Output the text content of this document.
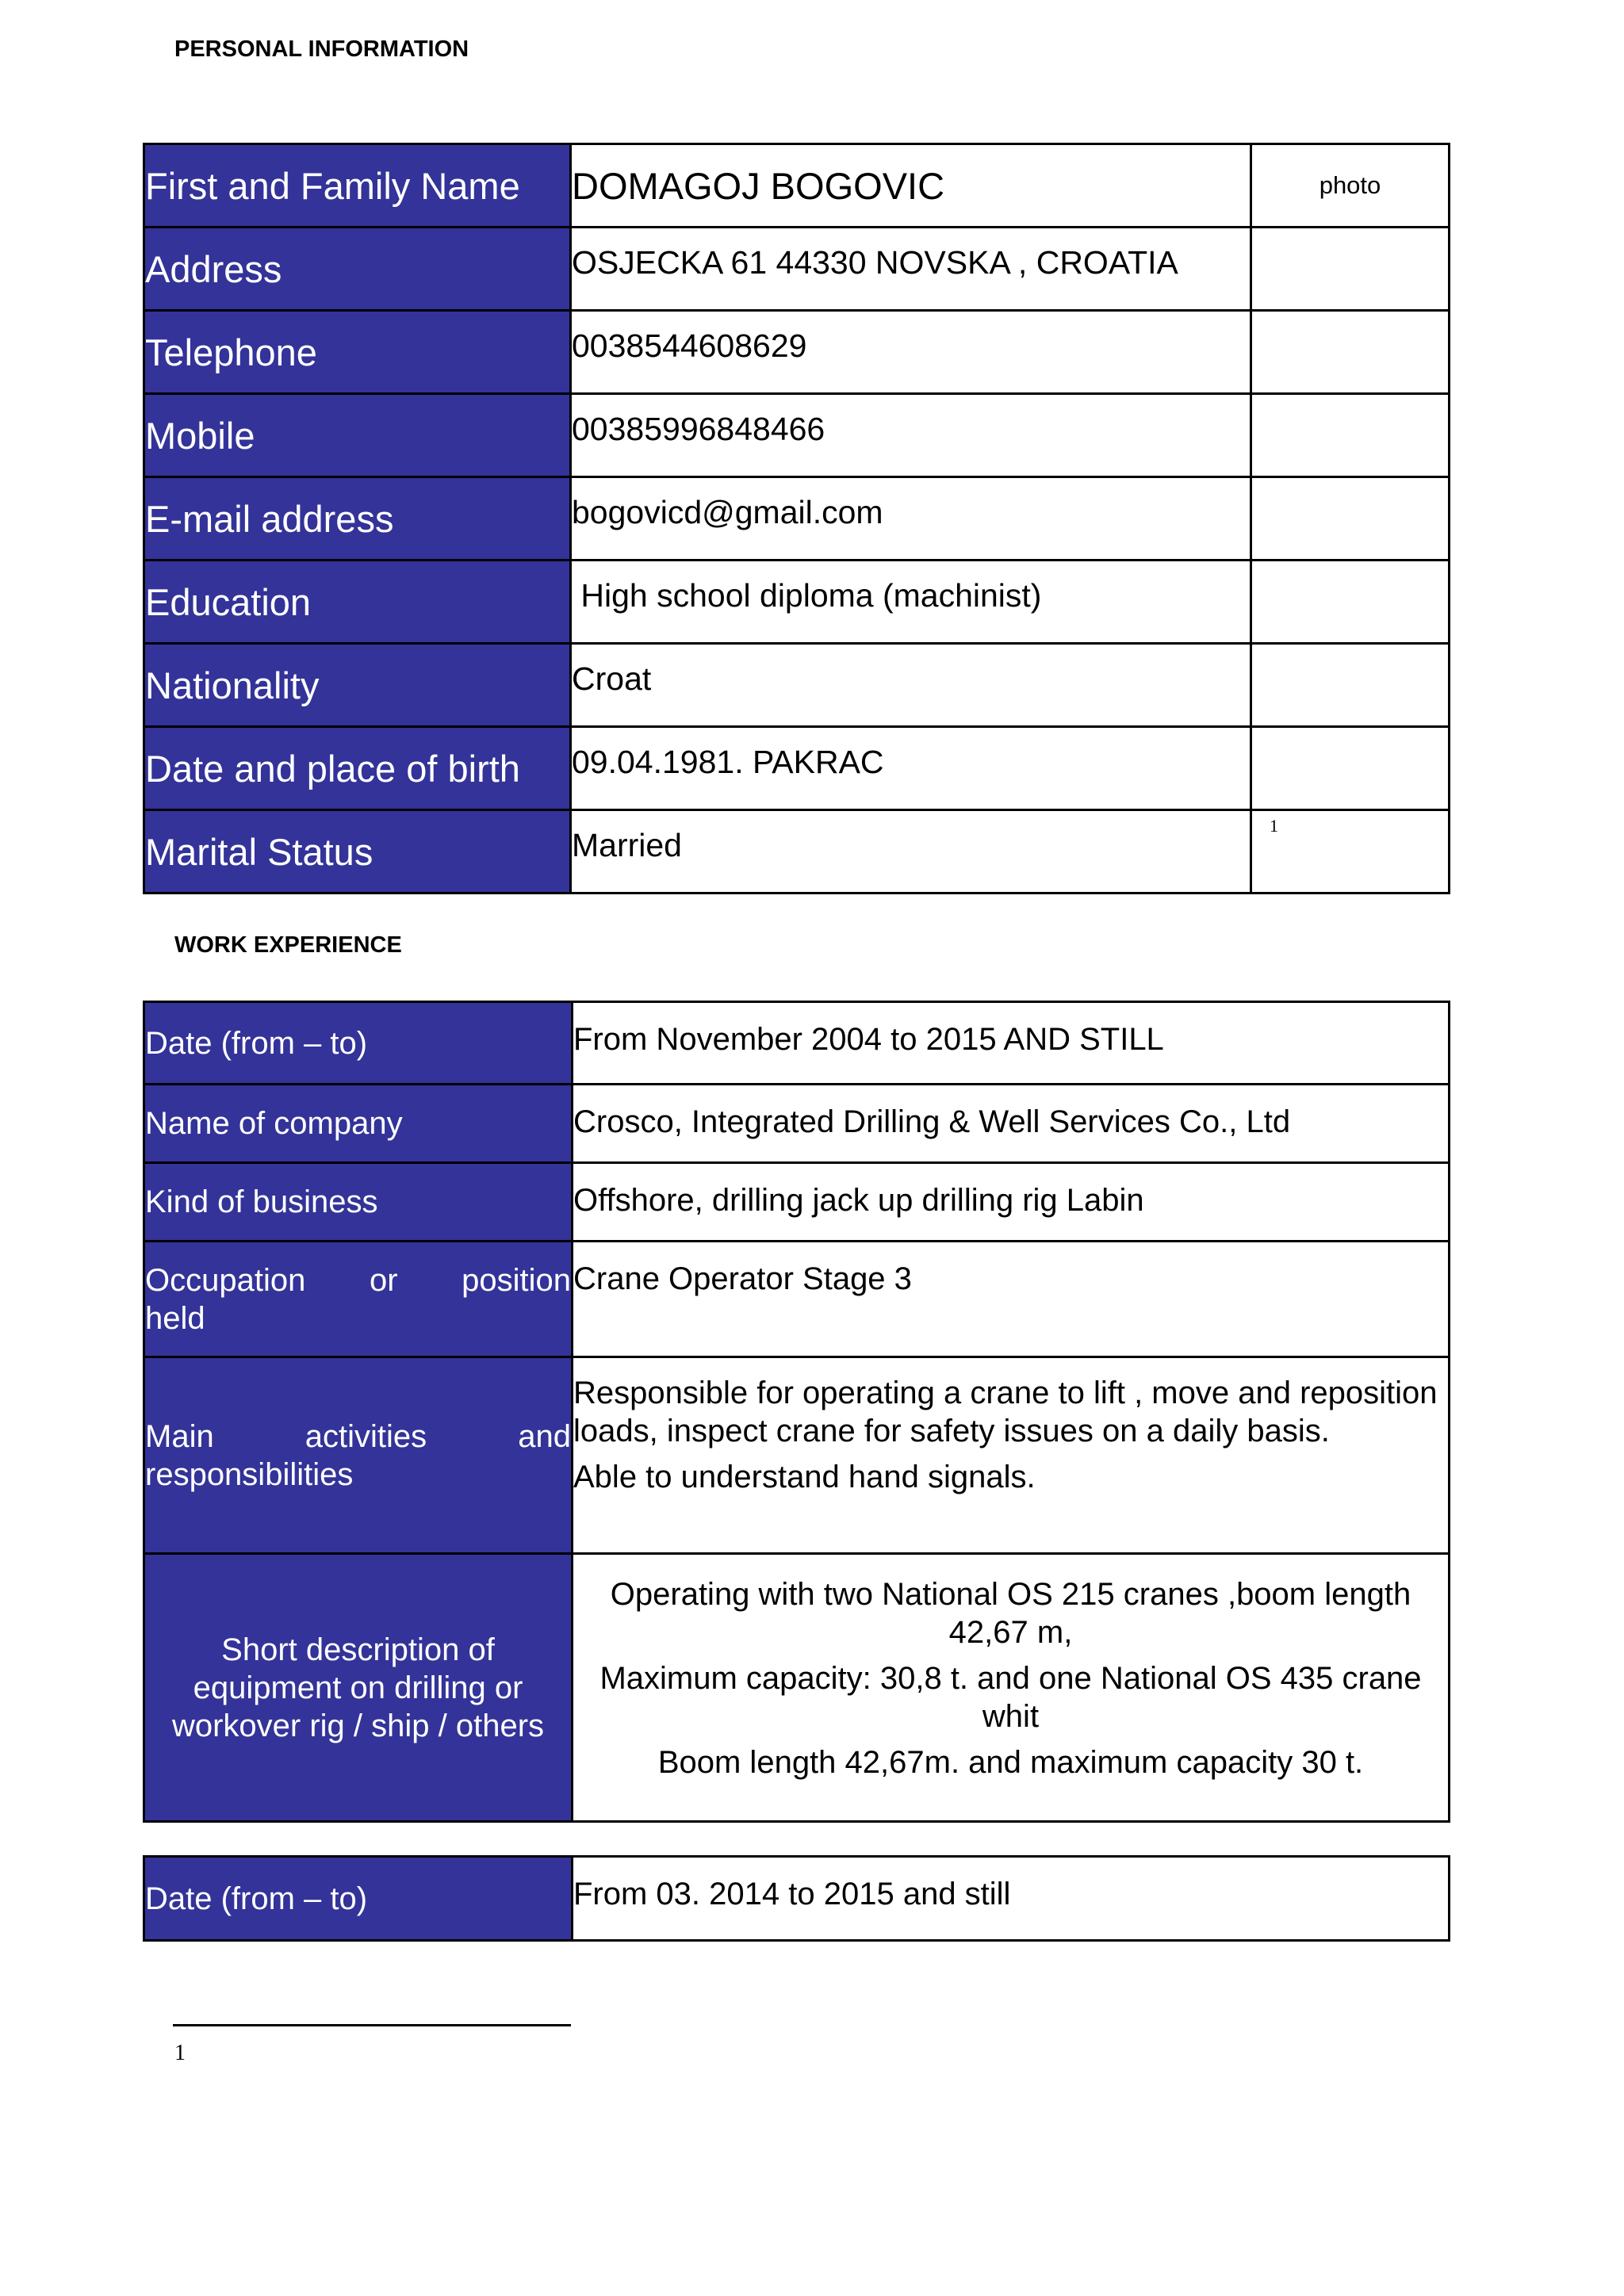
PERSONAL INFORMATION
First and Family Name	DOMAGOJ BOGOVIC	photo
Address	OSJECKA 61 44330 NOVSKA , CROATIA	
Telephone	0038544608629	
Mobile	00385996848466	
E-mail address	bogovicd@gmail.com	
Education	High school diploma (machinist)	
Nationality	Croat	
Date and place of birth	09.04.1981. PAKRAC	
Marital Status	Married	1
WORK EXPERIENCE
Date (from – to)	From November 2004 to 2015 AND STILL
Name of company	Crosco, Integrated Drilling & Well Services Co., Ltd
Kind of business	Offshore, drilling jack up drilling rig Labin

Occupation or position
held	Crane Operator Stage 3

Main activities and
responsibilities	Responsible for operating a crane to lift , move and reposition loads, inspect crane for safety issues on a daily basis.
Able to understand hand signals.

Short description of equipment on drilling or workover rig / ship / others	Operating with two National OS 215 cranes ,boom length 42,67 m,
Maximum capacity: 30,8 t. and one National OS 435 crane whit
Boom length 42,67m. and maximum capacity 30 t.
Date (from – to)	From 03. 2014 to 2015 and still
1
